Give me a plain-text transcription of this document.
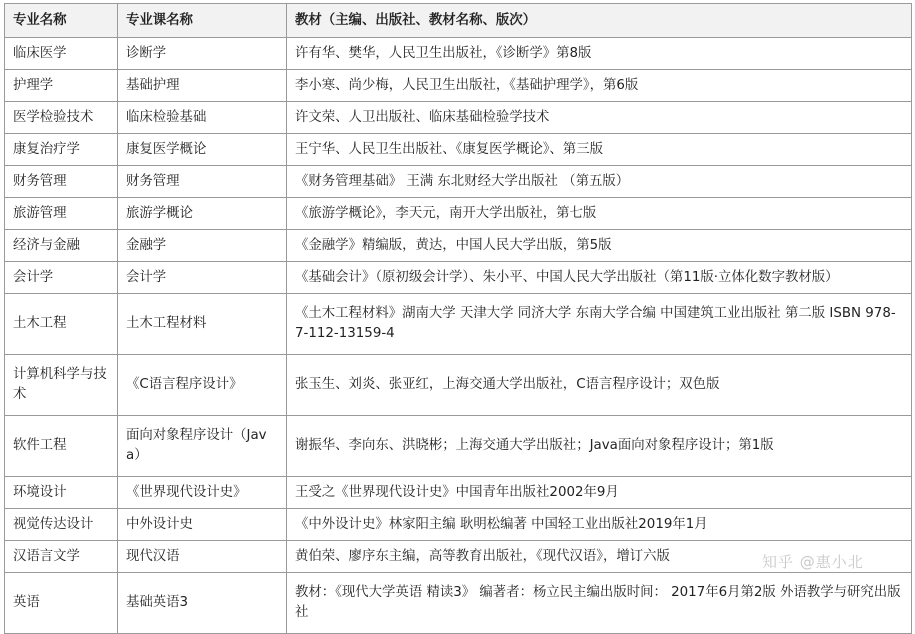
专业名称	专业课名称	教材（主编、出版社、教材名称、版次）
临床医学	诊断学	许有华、樊华，人民卫生出版社，《诊断学》第8版
护理学	基础护理	李小寒、尚少梅，人民卫生出版社，《基础护理学》，第6版
医学检验技术	临床检验基础	许文荣、人卫出版社、临床基础检验学技术
康复治疗学	康复医学概论	王宁华、人民卫生出版社、《康复医学概论》、第三版
财务管理	财务管理	《财务管理基础》 王满 东北财经大学出版社 （第五版）
旅游管理	旅游学概论	《旅游学概论》，李天元，南开大学出版社，第七版
经济与金融	金融学	《金融学》精编版，黄达，中国人民大学出版，第5版
会计学	会计学	《基础会计》（原初级会计学）、朱小平、中国人民大学出版社（第11版·立体化数字教材版）
土木工程	土木工程材料	《土木工程材料》湖南大学 天津大学 同济大学 东南大学合编 中国建筑工业出版社 第二版 ISBN 978-7-112-13159-4
计算机科学与技术	《C语言程序设计》	张玉生、刘炎、张亚红，上海交通大学出版社，C语言程序设计；双色版
软件工程	面向对象程序设计（Java）	谢振华、李向东、洪晓彬；上海交通大学出版社；Java面向对象程序设计；第1版
环境设计	《世界现代设计史》	王受之《世界现代设计史》中国青年出版社2002年9月
视觉传达设计	中外设计史	《中外设计史》林家阳主编 耿明松编著 中国轻工业出版社2019年1月
汉语言文学	现代汉语	黄伯荣、廖序东主编，高等教育出版社，《现代汉语》，增订六版
英语	基础英语3	教材：《现代大学英语 精读3》 编著者：杨立民主编出版时间： 2017年6月第2版 外语教学与研究出版社
知乎 @惠小北
